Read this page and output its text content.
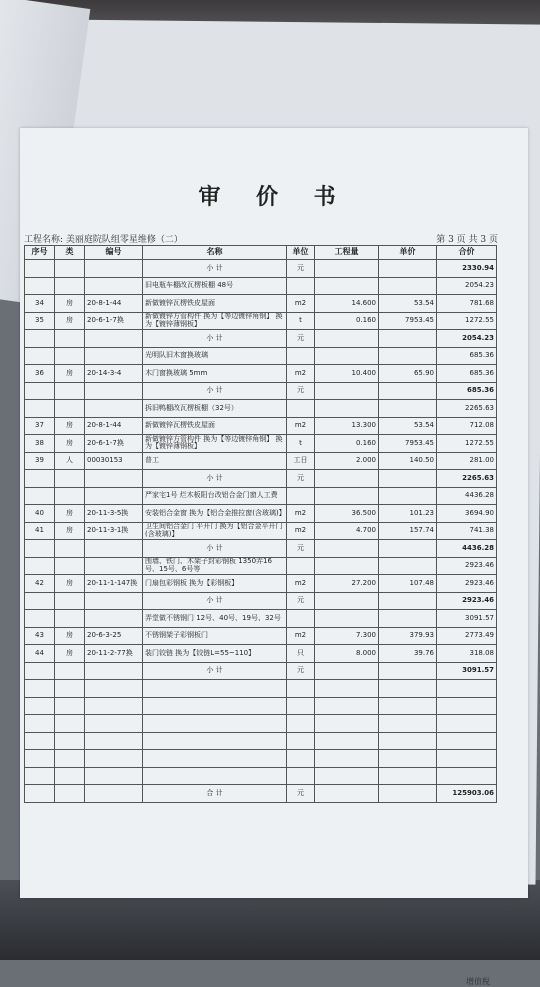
审 价 书
工程名称: 美丽庭院队组零星维修（二）	第 3 页 共 3 页
序号	类	编号	名称	单位	工程量	单价	合价
			小 计	元			2330.94
			旧电瓶车棚改瓦楞板棚 48号				2054.23
34	房	20-8-1-44	新做镀锌瓦楞铁皮屋面	m2	14.600	53.54	781.68
35	房	20-6-1-7换	新做镀锌方管构件 换为【等边镀锌角钢】 换为【镀锌薄钢板】	t	0.160	7953.45	1272.55
			小 计	元			2054.23
			光明队旧木窗换玻璃				685.36
36	房	20-14-3-4	木门窗换玻璃 5mm	m2	10.400	65.90	685.36
			小 计	元			685.36
			拆旧鸭棚改瓦楞板棚（32号）				2265.63
37	房	20-8-1-44	新做镀锌瓦楞铁皮屋面	m2	13.300	53.54	712.08
38	房	20-6-1-7换	新做镀锌方管构件 换为【等边镀锌角钢】 换为【镀锌薄钢板】	t	0.160	7953.45	1272.55
39	人	00030153	普工	工日	2.000	140.50	281.00
			小 计	元			2265.63
			严家宅1号 烂木板阳台改铝合金门窗人工费				4436.28
40	房	20-11-3-5换	安装铝合金窗 换为【铝合金推拉窗(含玻璃)】	m2	36.500	101.23	3694.90
41	房	20-11-3-1换	卫生间铝合金门 平开门 换为【铝合金平开门(含玻璃)】	m2	4.700	157.74	741.38
			小 计	元			4436.28
			围墙、铁门、木架子封彩钢板 1350弄16号、15号、6号等				2923.46
42	房	20-11-1-147换	门扇包彩钢板 换为【彩钢板】	m2	27.200	107.48	2923.46
			小 计	元			2923.46
			弄堂做不锈钢门 12号、40号、19号、32号				3091.57
43	房	20-6-3-25	不锈钢架子彩钢板门	m2	7.300	379.93	2773.49
44	房	20-11-2-77换	装门铰链 换为【铰链L=55~110】	只	8.000	39.76	318.08
			小 计	元			3091.57

			合 计	元			125903.06
增值税
